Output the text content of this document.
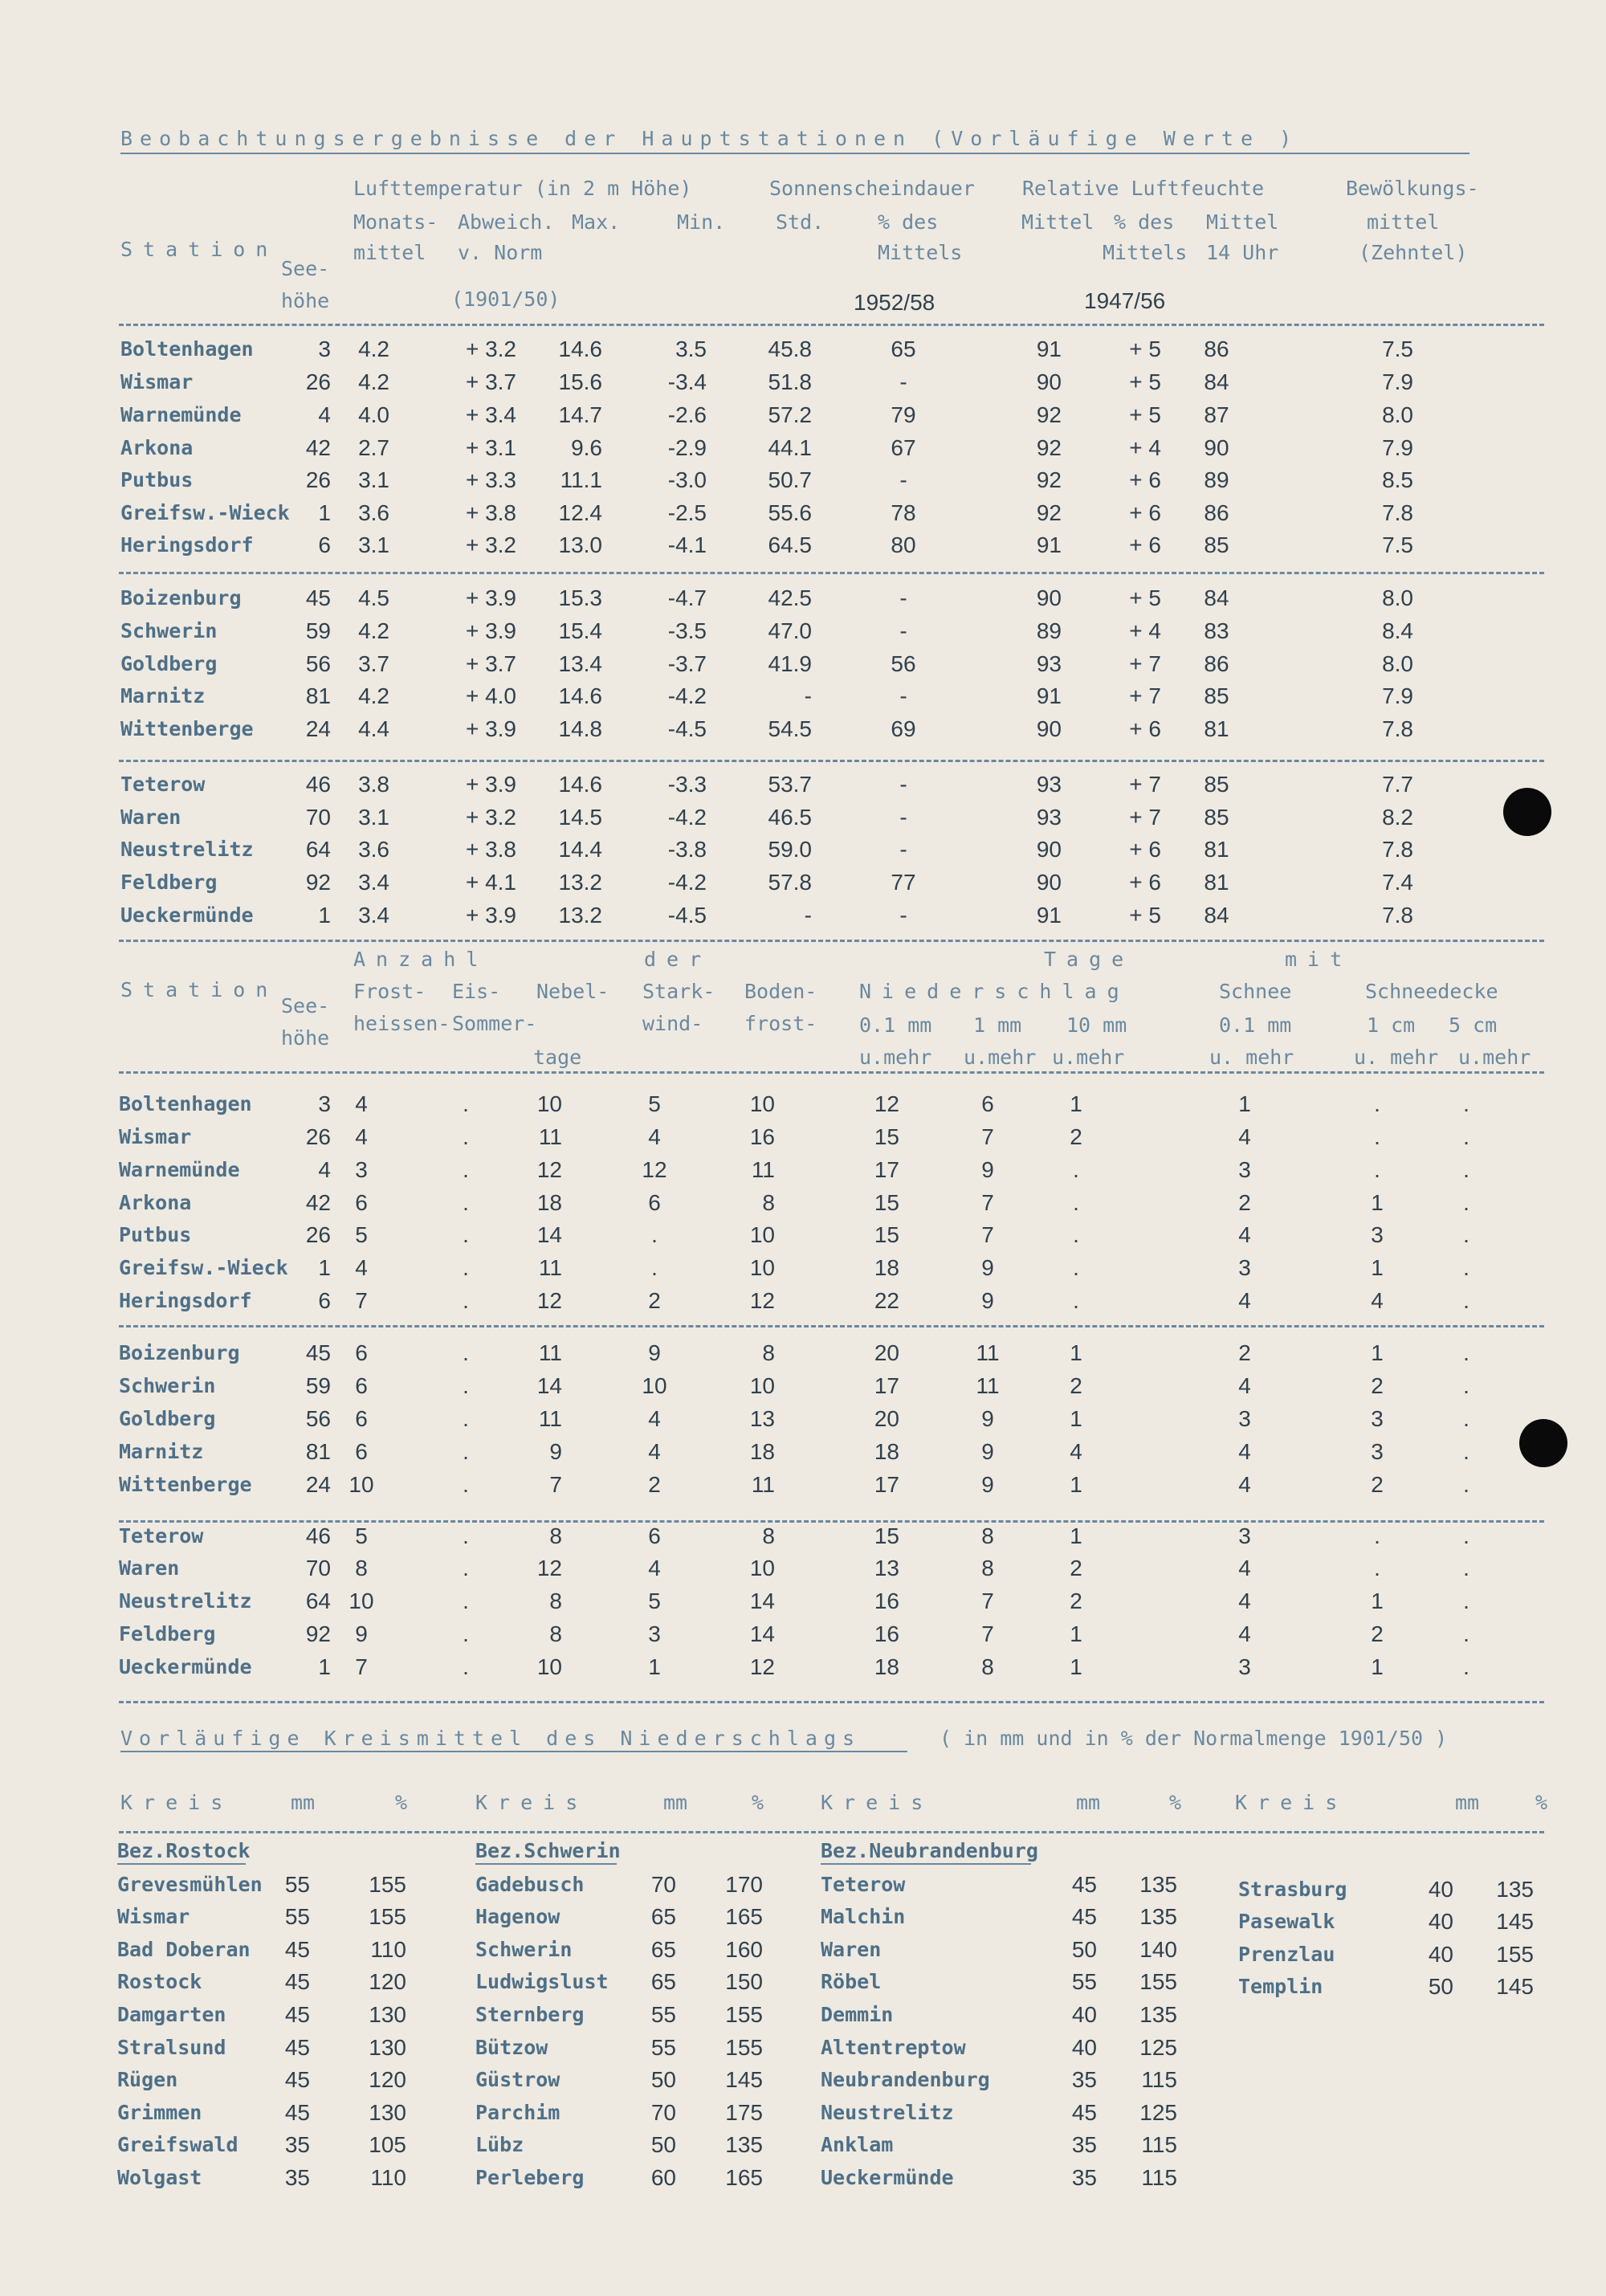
Beobachtungsergebnisse der Hauptstationen (Vorläufige Werte )
Lufttemperatur (in 2 m Höhe)
Monats-
mittel
Abweich.
v. Norm
Max.	Min.
(1901/50)
Station
See-
höhe
Sonnenscheindauer
Std.	% des
Mittels
1952/58
Relative Luftfeuchte
Mittel % des
Mittels
Mittel
14 Uhr
1947/56
Bewölkungs-
mittel
(Zehntel)
Boltenhagen	3	4.2	+ 3.2	14.6	3.5	45.8	65	91	+ 5	86	7.5
Wismar	26	4.2	+ 3.7	15.6	-3.4	51.8	-	90	+ 5	84	7.9
Warnemünde	4	4.0	+ 3.4	14.7	-2.6	57.2	79	92	+ 5	87	8.0
Arkona	42	2.7	+ 3.1	9.6	-2.9	44.1	67	92	+ 4	90	7.9
Putbus	26	3.1	+ 3.3	11.1	-3.0	50.7	-	92	+ 6	89	8.5
Greifsw.-Wieck	1	3.6	+ 3.8	12.4	-2.5	55.6	78	92	+ 6	86	7.8
Heringsdorf	6	3.1	+ 3.2	13.0	-4.1	64.5	80	91	+ 6	85	7.5
Boizenburg	45	4.5	+ 3.9	15.3	-4.7	42.5	-	90	+ 5	84	8.0
Schwerin	59	4.2	+ 3.9	15.4	-3.5	47.0	-	89	+ 4	83	8.4
Goldberg	56	3.7	+ 3.7	13.4	-3.7	41.9	56	93	+ 7	86	8.0
Marnitz	81	4.2	+ 4.0	14.6	-4.2	-	-	91	+ 7	85	7.9
Wittenberge	24	4.4	+ 3.9	14.8	-4.5	54.5	69	90	+ 6	81	7.8
Teterow	46	3.8	+ 3.9	14.6	-3.3	53.7	-	93	+ 7	85	7.7
Waren	70	3.1	+ 3.2	14.5	-4.2	46.5	-	93	+ 7	85	8.2
Neustrelitz	64	3.6	+ 3.8	14.4	-3.8	59.0	-	90	+ 6	81	7.8
Feldberg	92	3.4	+ 4.1	13.2	-4.2	57.8	77	90	+ 6	81	7.4
Ueckermünde	1	3.4	+ 3.9	13.2	-4.5	-	-	91	+ 5	84	7.8
Anzahl	der	Tage	mit
Station
See-
höhe
Frost-
heissen-
Eis-
Sommer-
Nebel-
tage
Stark-
wind-
Boden-
frost-
Niederschlag
0.1 mm
u.mehr
1 mm
u.mehr
10 mm
u.mehr
Schnee
0.1 mm
u. mehr
Schneedecke
1 cm
u. mehr
5 cm
u.mehr
Boltenhagen	3	4	.	10	5	10	12	6	1	1	.	.
Wismar	26	4	.	11	4	16	15	7	2	4	.	.
Warnemünde	4	3	.	12	12	11	17	9	.	3	.	.
Arkona	42	6	.	18	6	8	15	7	.	2	1	.
Putbus	26	5	.	14	.	10	15	7	.	4	3	.
Greifsw.-Wieck	1	4	.	11	.	10	18	9	.	3	1	.
Heringsdorf	6	7	.	12	2	12	22	9	.	4	4	.
Boizenburg	45	6	.	11	9	8	20	11	1	2	1	.
Schwerin	59	6	.	14	10	10	17	11	2	4	2	.
Goldberg	56	6	.	11	4	13	20	9	1	3	3	.
Marnitz	81	6	.	9	4	18	18	9	4	4	3	.
Wittenberge	24 10	.	7	2	11	17	9	1	4	2	.
Teterow	46	5	.	8	6	8	15	8	1	3	.	.
Waren	70	8	.	12	4	10	13	8	2	4	.	.
Neustrelitz	64 10	.	8	5	14	16	7	2	4	1	.
Feldberg	92	9	.	8	3	14	16	7	1	4	2	.
Ueckermünde	1	7	.	10	1	12	18	8	1	3	1	.
Vorläufige Kreismittel des Niederschlags	( in mm und in % der Normalmenge 1901/50 )
Kreis	mm	%	Kreis	mm	%	Kreis	mm	%	Kreis	mm	%
Bez.Rostock	Bez.Schwerin	Bez.Neubrandenburg
Grevesmühlen	55	155
Wismar	55	155
Bad Doberan	45	110
Rostock	45	120
Damgarten	45	130
Stralsund	45	130
Rügen	45	120
Grimmen	45	130
Greifswald	35	105
Wolgast	35	110
Gadebusch	70	170
Hagenow	65	165
Schwerin	65	160
Ludwigslust	65	150
Sternberg	55	155
Bützow	55	155
Güstrow	50	145
Parchim	70	175
Lübz	50	135
Perleberg	60	165
Teterow	45	135
Malchin	45	135
Waren	50	140
Röbel	55	155
Demmin	40	135
Altentreptow	40	125
Neubrandenburg	35	115
Neustrelitz	45	125
Anklam	35	115
Ueckermünde	35	115
Strasburg	40	135
Pasewalk	40	145
Prenzlau	40	155
Templin	50	145
